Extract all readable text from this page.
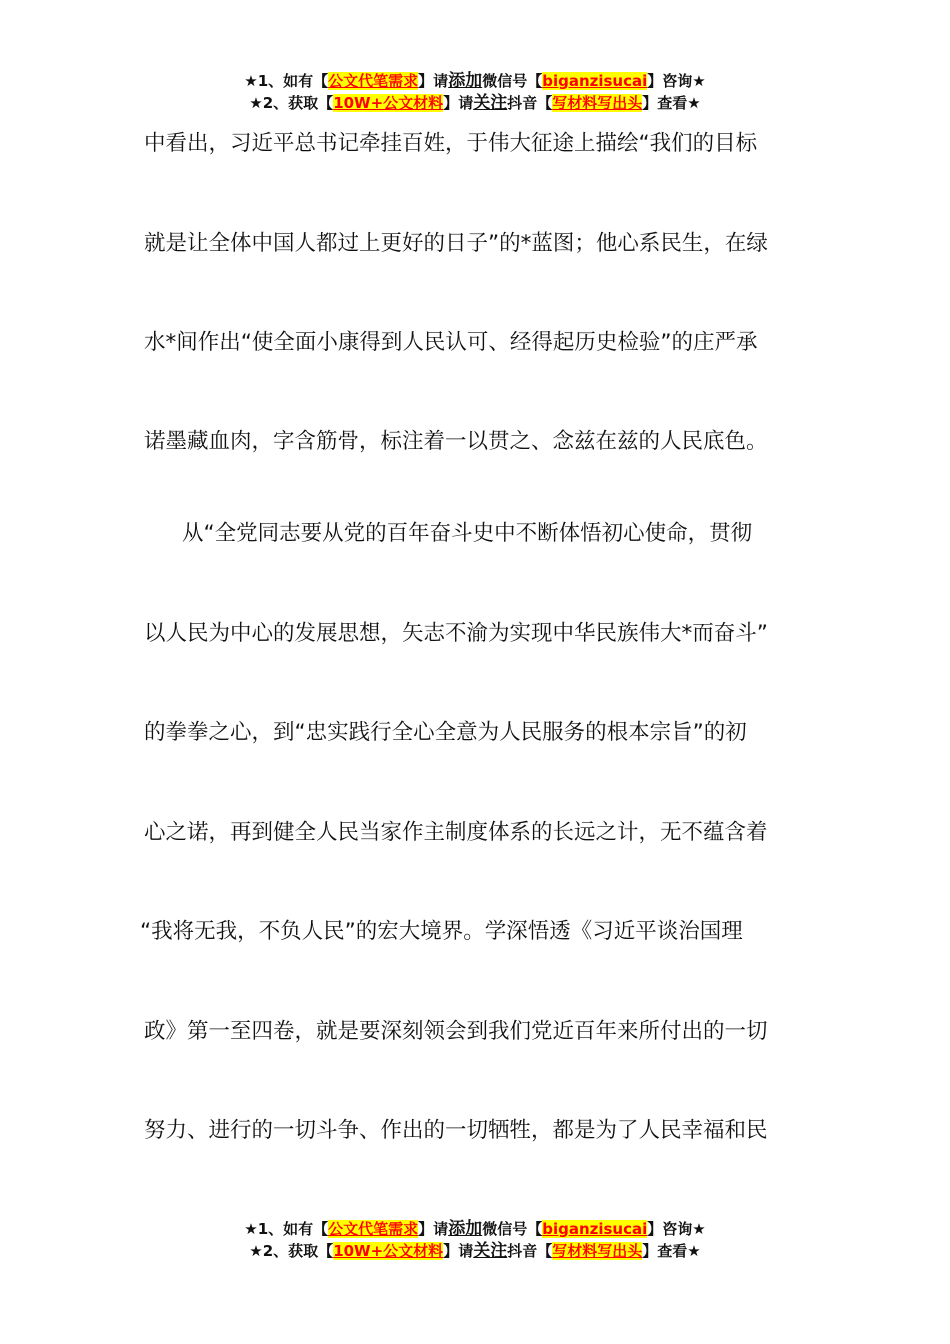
★1、如有【公文代笔需求】请添加微信号【biganzisucai】咨询★
★2、获取【10W+公文材料】请关注抖音【写材料写出头】查看★
中看出，习近平总书记牵挂百姓，于伟大征途上描绘“我们的目标
就是让全体中国人都过上更好的日子”的*蓝图；他心系民生，在绿
水*间作出“使全面小康得到人民认可、经得起历史检验”的庄严承
诺墨藏血肉，字含筋骨，标注着一以贯之、念兹在兹的人民底色。
从“全党同志要从党的百年奋斗史中不断体悟初心使命，贯彻
以人民为中心的发展思想，矢志不渝为实现中华民族伟大*而奋斗”
的拳拳之心，到“忠实践行全心全意为人民服务的根本宗旨”的初
心之诺，再到健全人民当家作主制度体系的长远之计，无不蕴含着
“我将无我，不负人民”的宏大境界。学深悟透《习近平谈治国理
政》第一至四卷，就是要深刻领会到我们党近百年来所付出的一切
努力、进行的一切斗争、作出的一切牺牲，都是为了人民幸福和民
★1、如有【公文代笔需求】请添加微信号【biganzisucai】咨询★
★2、获取【10W+公文材料】请关注抖音【写材料写出头】查看★
